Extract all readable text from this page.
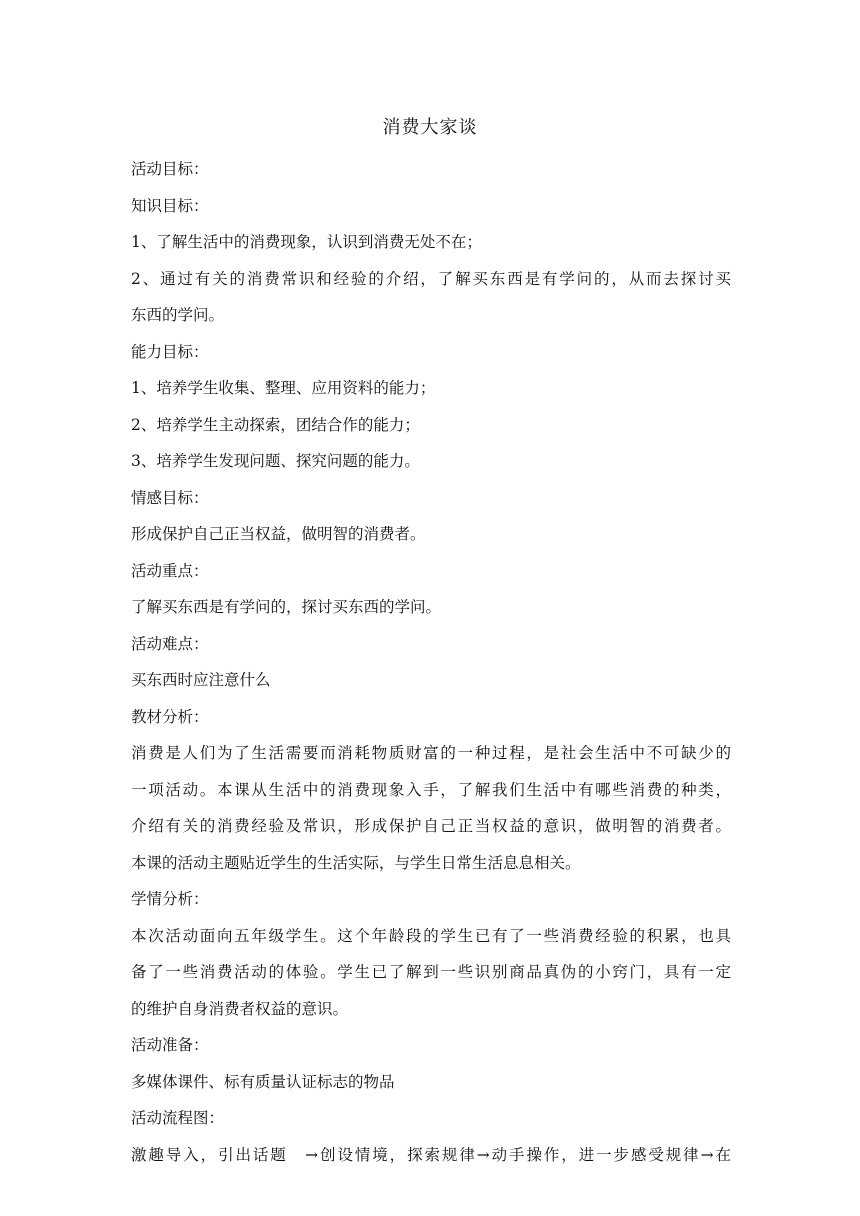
消费大家谈
活动目标：
知识目标：
1、了解生活中的消费现象，认识到消费无处不在；
2、通过有关的消费常识和经验的介绍，了解买东西是有学问的，从而去探讨买
东西的学问。
能力目标：
1、培养学生收集、整理、应用资料的能力；
2、培养学生主动探索，团结合作的能力；
3、培养学生发现问题、探究问题的能力。
情感目标：
形成保护自己正当权益，做明智的消费者。
活动重点：
了解买东西是有学问的，探讨买东西的学问。
活动难点：
买东西时应注意什么
教材分析：
消费是人们为了生活需要而消耗物质财富的一种过程，是社会生活中不可缺少的
一项活动。本课从生活中的消费现象入手，了解我们生活中有哪些消费的种类，
介绍有关的消费经验及常识，形成保护自己正当权益的意识，做明智的消费者。
本课的活动主题贴近学生的生活实际，与学生日常生活息息相关。
学情分析：
本次活动面向五年级学生。这个年龄段的学生已有了一些消费经验的积累，也具
备了一些消费活动的体验。学生已了解到一些识别商品真伪的小窍门，具有一定
的维护自身消费者权益的意识。
活动准备：
多媒体课件、标有质量认证标志的物品
活动流程图：
激趣导入，引出话题　→创设情境，探索规律→动手操作，进一步感受规律→在
